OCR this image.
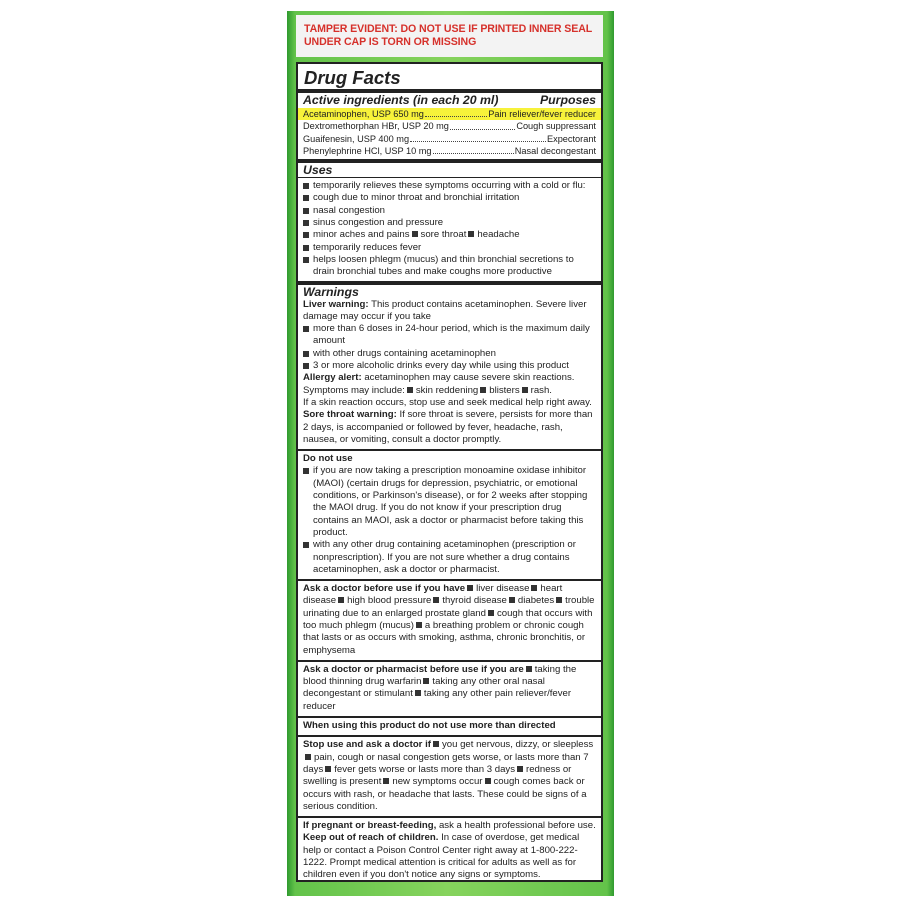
TAMPER EVIDENT: DO NOT USE IF PRINTED INNER SEAL UNDER CAP IS TORN OR MISSING
Drug Facts
Active ingredients (in each 20 ml)	Purposes
Acetaminophen, USP 650 mg	Pain reliever/fever reducer
Dextromethorphan HBr, USP 20 mg	Cough suppressant
Guaifenesin, USP 400 mg	Expectorant
Phenylephrine HCl, USP 10 mg	Nasal decongestant
Uses
temporarily relieves these symptoms occurring with a cold or flu:
cough due to minor throat and bronchial irritation
nasal congestion
sinus congestion and pressure
minor aches and pains sore throat headache
temporarily reduces fever
helps loosen phlegm (mucus) and thin bronchial secretions to drain bronchial tubes and make coughs more productive
Warnings

Liver warning: This product contains acetaminophen. Severe liver damage may occur if you take

more than 6 doses in 24-hour period, which is the maximum daily amount
with other drugs containing acetaminophen
3 or more alcoholic drinks every day while using this product

Allergy alert: acetaminophen may cause severe skin reactions. Symptoms may include: skin reddening blisters rash.

If a skin reaction occurs, stop use and seek medical help right away.

Sore throat warning: If sore throat is severe, persists for more than 2 days, is accompanied or followed by fever, headache, rash, nausea, or vomiting, consult a doctor promptly.

Do not use

if you are now taking a prescription monoamine oxidase inhibitor (MAOI) (certain drugs for depression, psychiatric, or emotional conditions, or Parkinson's disease), or for 2 weeks after stopping the MAOI drug. If you do not know if your prescription drug contains an MAOI, ask a doctor or pharmacist before taking this product.
with any other drug containing acetaminophen (prescription or nonprescription). If you are not sure whether a drug contains acetaminophen, ask a doctor or pharmacist.

Ask a doctor before use if you have liver disease heart disease high blood pressure thyroid disease diabetes trouble urinating due to an enlarged prostate gland cough that occurs with too much phlegm (mucus) a breathing problem or chronic cough that lasts or as occurs with smoking, asthma, chronic bronchitis, or emphysema

Ask a doctor or pharmacist before use if you are taking the blood thinning drug warfarin taking any other oral nasal decongestant or stimulant taking any other pain reliever/fever reducer

When using this product do not use more than directed

Stop use and ask a doctor if you get nervous, dizzy, or sleeplesspain, cough or nasal congestion gets worse, or lasts more than 7 days fever gets worse or lasts more than 3 days redness or swelling is present new symptoms occur cough comes back or occurs with rash, or headache that lasts. These could be signs of a serious condition.

If pregnant or breast-feeding, ask a health professional before use.

Keep out of reach of children. In case of overdose, get medical help or contact a Poison Control Center right away at 1-800-222-1222. Prompt medical attention is critical for adults as well as for children even if you don't notice any signs or symptoms.
